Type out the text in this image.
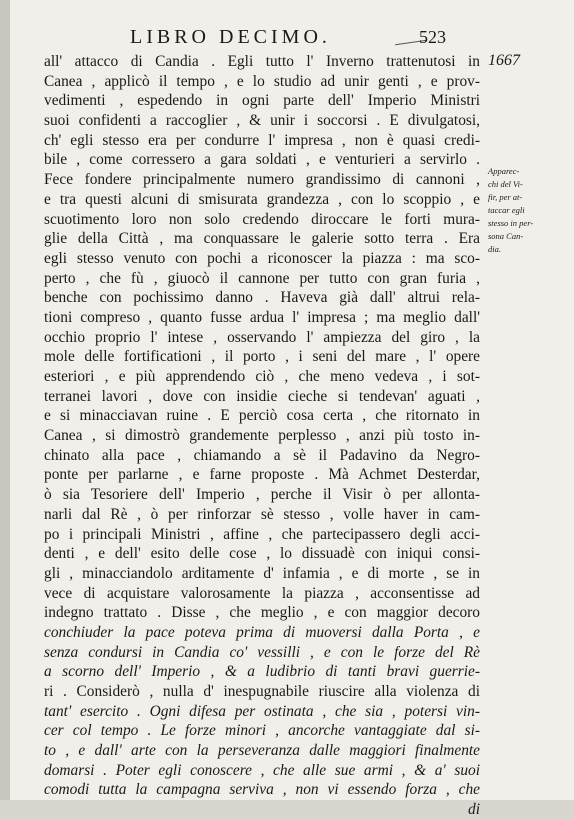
LIBRO DECIMO.	523
1667
all' attacco di Candia . Egli tutto l' Inverno trattenutosi in
Canea , applicò il tempo , e lo studio ad unir genti , e prov-
vedimenti , espedendo in ogni parte dell' Imperio Ministri
suoi confidenti a raccoglier , & unir i soccorsi . E divulgatosi,
ch' egli stesso era per condurre l' impresa , non è quasi credi-
bile , come corressero a gara soldati , e venturieri a servirlo .
Fece fondere principalmente numero grandissimo di cannoni ,
e tra questi alcuni di smisurata grandezza , con lo scoppio , e
scuotimento loro non solo credendo diroccare le forti mura-
glie della Città , ma conquassare le galerie sotto terra . Era
egli stesso venuto con pochi a riconoscer la piazza : ma sco-
perto , che fù , giuocò il cannone per tutto con gran furia ,
benche con pochissimo danno . Haveva già dall' altrui rela-
tioni compreso , quanto fusse ardua l' impresa ; ma meglio dall'
occhio proprio l' intese , osservando l' ampiezza del giro , la
mole delle fortificationi , il porto , i seni del mare , l' opere
esteriori , e più apprendendo ciò , che meno vedeva , i sot-
terranei lavori , dove con insidie cieche si tendevan' aguati ,
e si minacciavan ruine . E perciò cosa certa , che ritornato in
Canea , si dimostrò grandemente perplesso , anzi più tosto in-
chinato alla pace , chiamando a sè il Padavino da Negro-
ponte per parlarne , e farne proposte . Mà Achmet Desterdar,
ò sia Tesoriere dell' Imperio , perche il Visir ò per allonta-
narli dal Rè , ò per rinforzar sè stesso , volle haver in cam-
po i principali Ministri , affine , che partecipassero degli acci-
denti , e dell' esito delle cose , lo dissuadè con iniqui consi-
gli , minacciandolo arditamente d' infamia , e di morte , se in
vece di acquistare valorosamente la piazza , acconsentisse ad
indegno trattato . Disse , che meglio , e con maggior decoro
conchiuder la pace poteva prima di muoversi dalla Porta , e
senza condursi in Candia co' vessilli , e con le forze del Rè
a scorno dell' Imperio , & a ludibrio di tanti bravi guerrie-
ri . Considerò , nulla d' inespugnabile riuscire alla violenza di
tant' esercito . Ogni difesa per ostinata , che sia , potersi vin-
cer col tempo . Le forze minori , ancorche vantaggiate dal si-
to , e dall' arte con la perseveranza dalle maggiori finalmente
domarsi . Poter egli conoscere , che alle sue armi , & a' suoi
comodi tutta la campagna serviva , non vi essendo forza , che
di
Apparec-
chi del Vi-
fir, per at-
taccar egli
stesso in per-
sona Can-
dia.
